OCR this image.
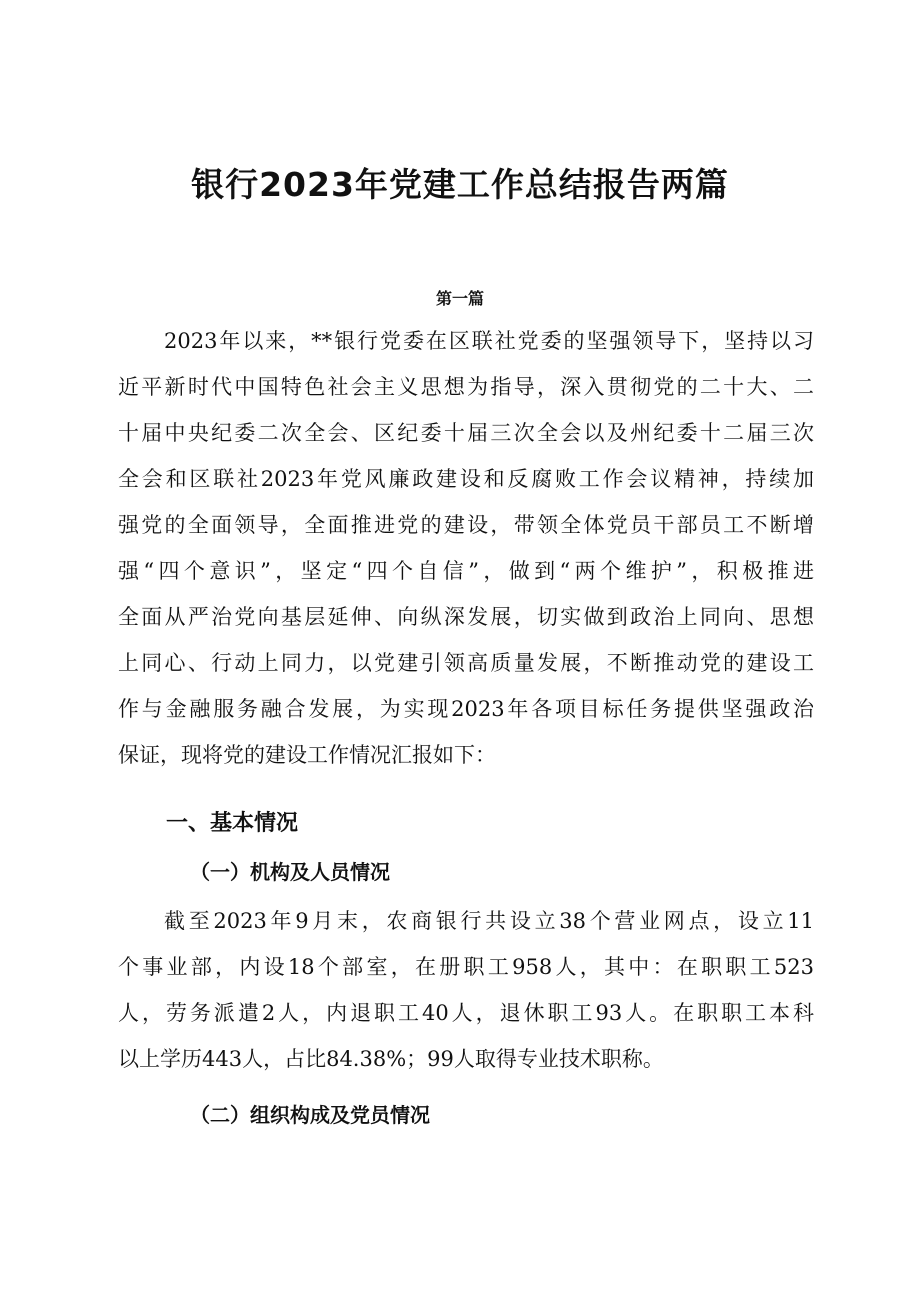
银行2023年党建工作总结报告两篇

第一篇

2023年以来，**银行党委在区联社党委的坚强领导下，坚持以习
近平新时代中国特色社会主义思想为指导，深入贯彻党的二十大、二
十届中央纪委二次全会、区纪委十届三次全会以及州纪委十二届三次
全会和区联社2023年党风廉政建设和反腐败工作会议精神，持续加
强党的全面领导，全面推进党的建设，带领全体党员干部员工不断增
强“四个意识”，坚定“四个自信”，做到“两个维护”，积极推进
全面从严治党向基层延伸、向纵深发展，切实做到政治上同向、思想
上同心、行动上同力，以党建引领高质量发展，不断推动党的建设工
作与金融服务融合发展，为实现2023年各项目标任务提供坚强政治
保证，现将党的建设工作情况汇报如下：
一、基本情况
（一）机构及人员情况
截至2023年9月末，农商银行共设立38个营业网点，设立11
个事业部，内设18个部室，在册职工958人，其中：在职职工523
人，劳务派遣2人，内退职工40人，退休职工93人。在职职工本科
以上学历443人，占比84.38%；99人取得专业技术职称。
（二）组织构成及党员情况
